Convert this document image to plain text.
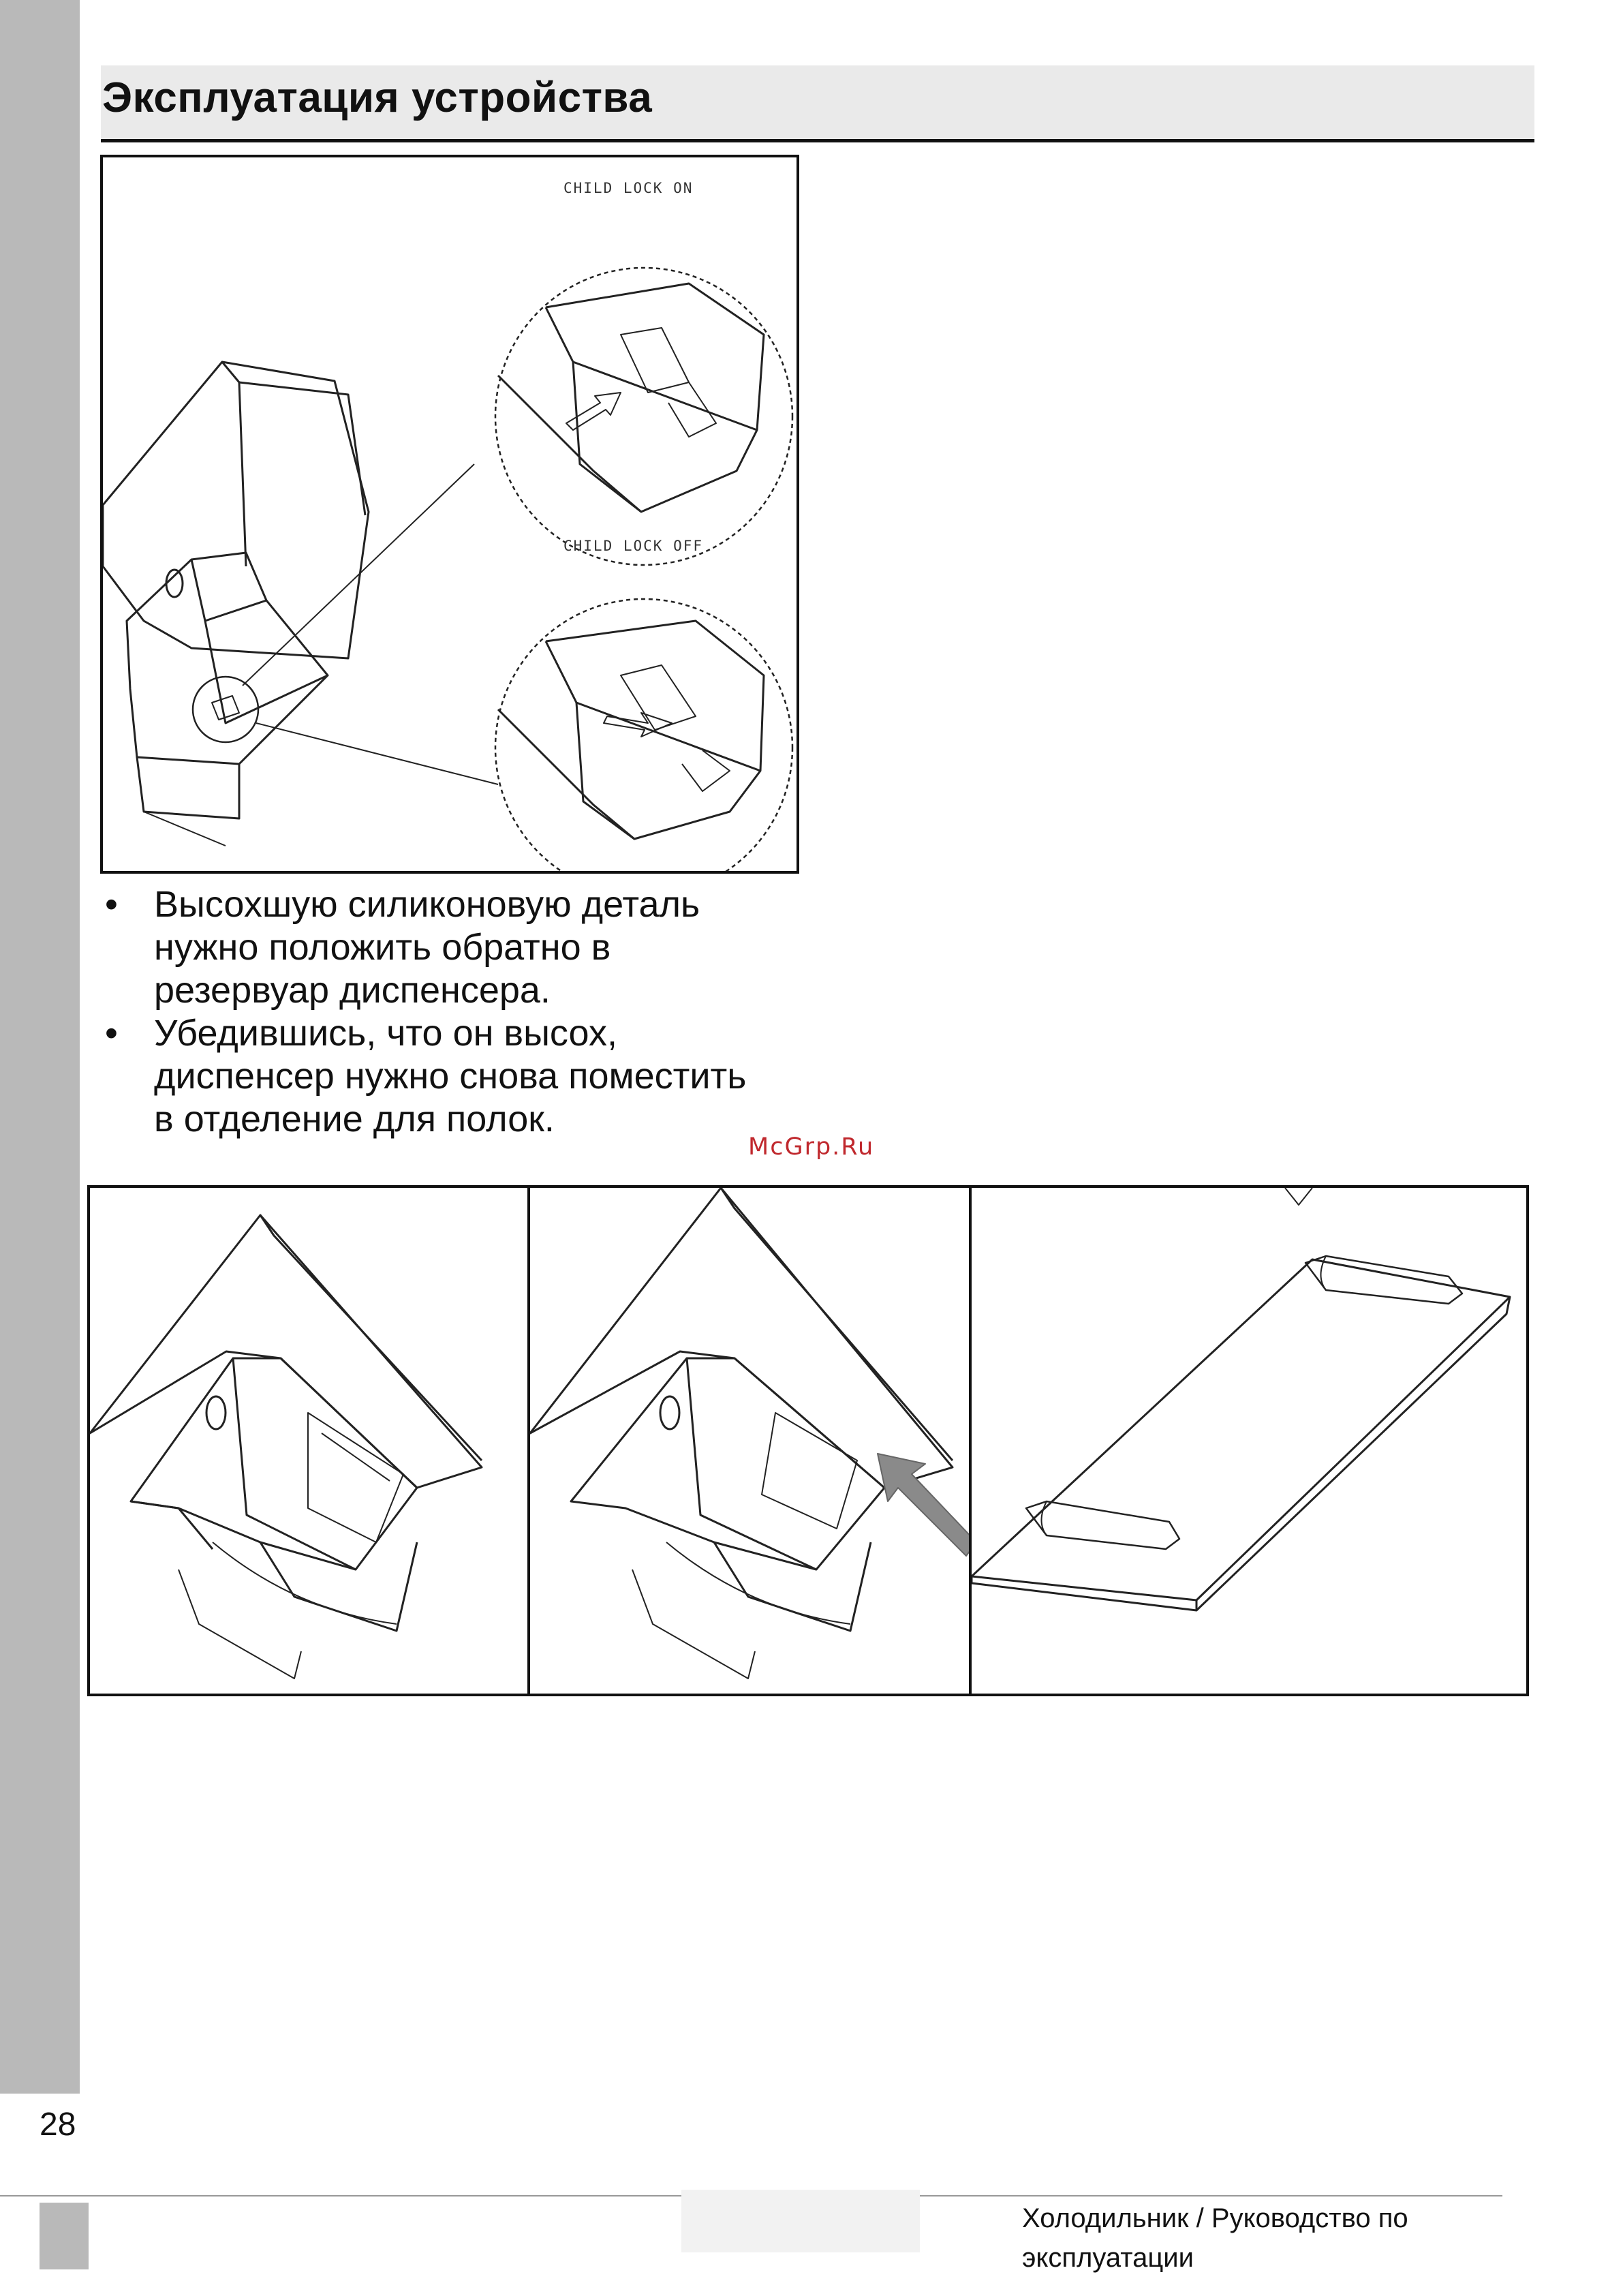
Эксплуатация устройства
CHILD LOCK ON
CHILD LOCK OFF
• Высохшую силиконовую деталь
нужно положить обратно в
резервуар диспенсера.
• Убедившись, что он высох,
диспенсер нужно снова поместить
в отделение для полок.
McGrp.Ru
28
Холодильник / Руководство по
эксплуатации
